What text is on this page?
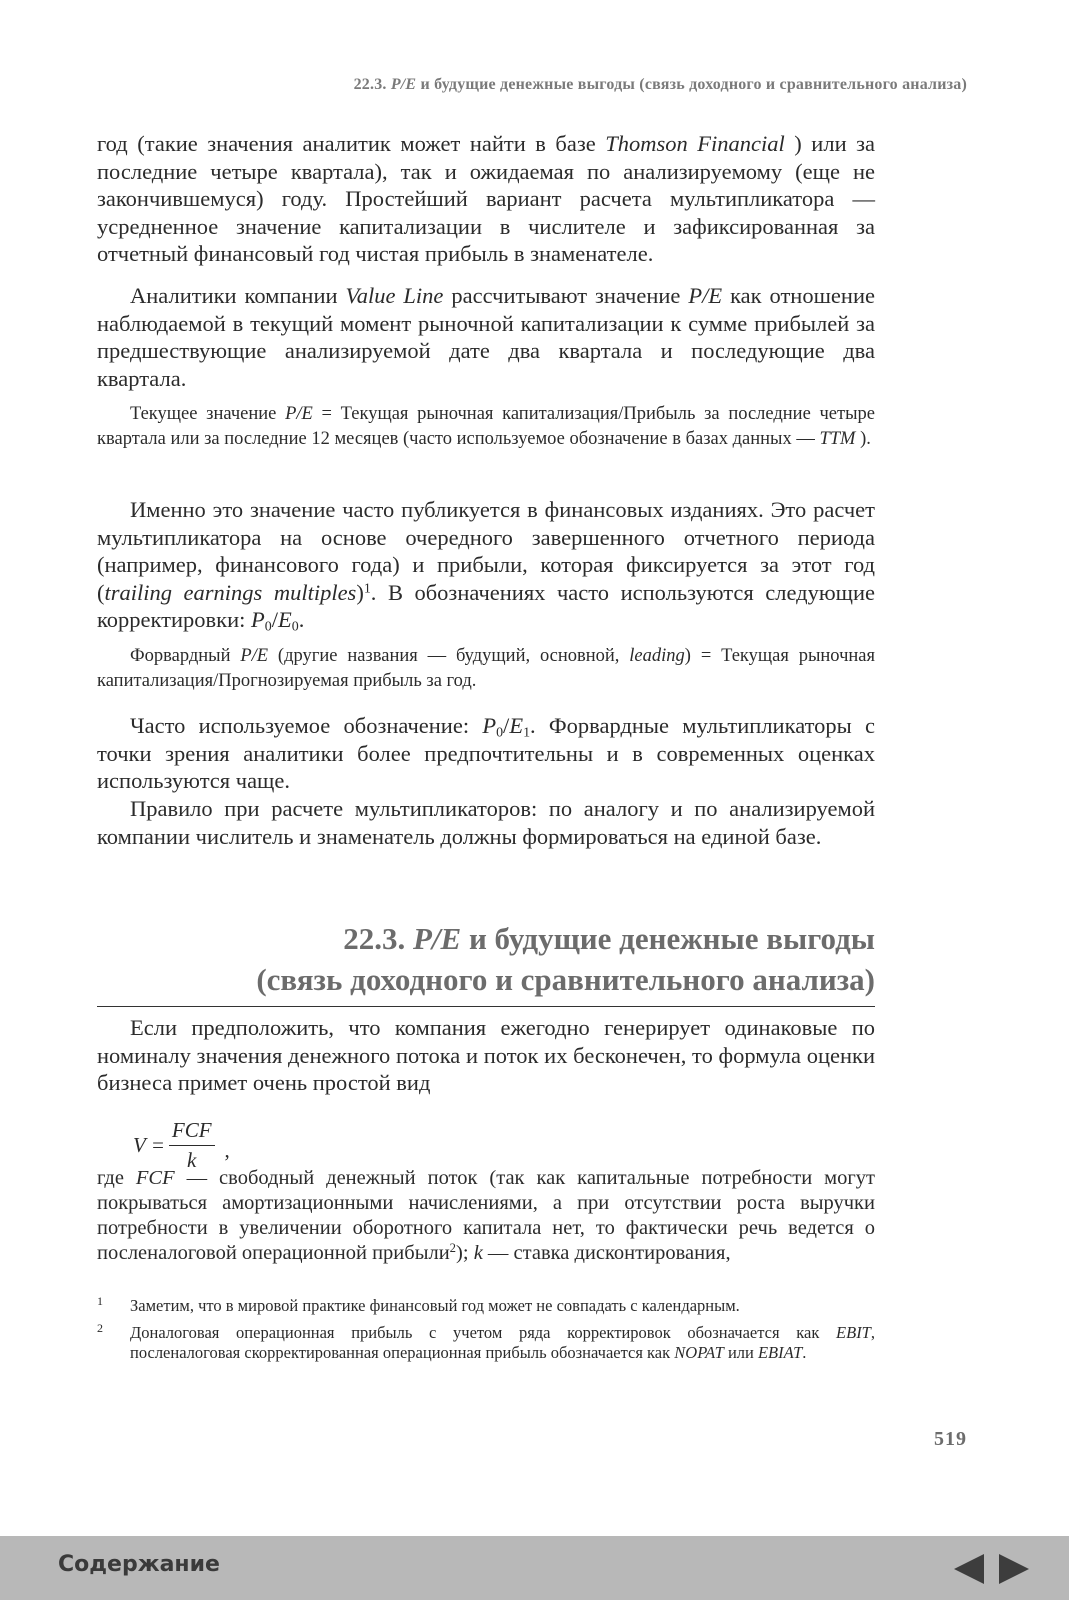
22.3. P/E и будущие денежные выгоды (связь доходного и сравнительного анализа)

год (такие значения аналитик может найти в базе Thomson Financial ) или за последние четыре квартала), так и ожидаемая по анализируемому (еще не закончившемуся) году. Простейший вариант расчета мультипликатора — усредненное значение капитализации в числителе и зафиксированная за отчетный финансовый год чистая прибыль в знаменателе.

Аналитики компании Value Line рассчитывают значение P/E как отношение наблюдаемой в текущий момент рыночной капитализации к сумме прибылей за предшествующие анализируемой дате два квартала и последующие два квартала.

Текущее значение P/E = Текущая рыночная капитализация/Прибыль за последние четыре квартала или за последние 12 месяцев (часто используемое обозначение в базах данных — TTM ).

Именно это значение часто публикуется в финансовых изданиях. Это расчет мультипликатора на основе очередного завершенного отчетного периода (например, финансового года) и прибыли, которая фиксируется за этот год (trailing earnings multiples)$^1$. В обозначениях часто используются следующие корректировки: $P_0/E_0$.

Форвардный P/E (другие названия — будущий, основной, leading) = Текущая рыночная капитализация/Прогнозируемая прибыль за год.

Часто используемое обозначение: $P_0/E_1$. Форвардные мультипликаторы с точки зрения аналитики более предпочтительны и в современных оценках используются чаще.

Правило при расчете мультипликаторов: по аналогу и по анализируемой компании числитель и знаменатель должны формироваться на единой базе.

22.3. P/E и будущие денежные выгоды
(связь доходного и сравнительного анализа)

Если предположить, что компания ежегодно генерирует одинаковые по номиналу значения денежного потока и поток их бесконечен, то формула оценки бизнеса примет очень простой вид

$V = \frac{\text{FCF}}{k}$ ,

где FCF — свободный денежный поток (так как капитальные потребности могут покрываться амортизационными начислениями, а при отсутствии роста выручки потребности в увеличении оборотного капитала нет, то фактически речь ведется о посленалоговой операционной прибыли$^2$); k — ставка дисконтирования,

1 Заметим, что в мировой практике финансовый год может не совпадать с календарным.
2 Доналоговая операционная прибыль с учетом ряда корректировок обозначается как EBIT, посленалоговая скорректированная операционная прибыль обозначается как NOPAT или EBIAT.
519
Содержание
